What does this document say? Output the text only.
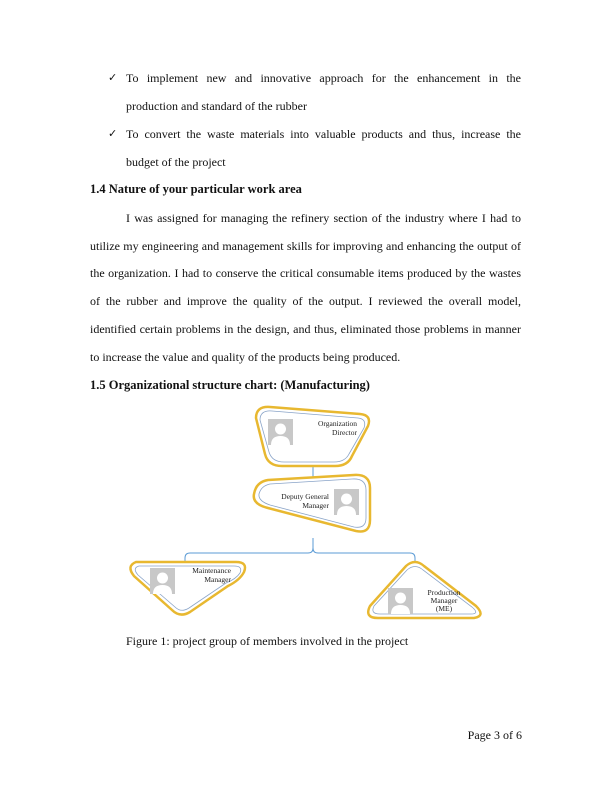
✓ To implement new and innovative approach for the enhancement in the
production and standard of the rubber
✓ To convert the waste materials into valuable products and thus, increase the
budget of the project
1.4 Nature of your particular work area
I was assigned for managing the refinery section of the industry where I had to
utilize my engineering and management skills for improving and enhancing the output of
the organization. I had to conserve the critical consumable items produced by the wastes
of the rubber and improve the quality of the output. I reviewed the overall model,
identified certain problems in the design, and thus, eliminated those problems in manner
to increase the value and quality of the products being produced.
1.5 Organizational structure chart: (Manufacturing)
Organization
Director
Deputy General
Manager
Maintenance
Manager
Production
Manager
(ME)
Figure 1: project group of members involved in the project
Page 3 of 6
